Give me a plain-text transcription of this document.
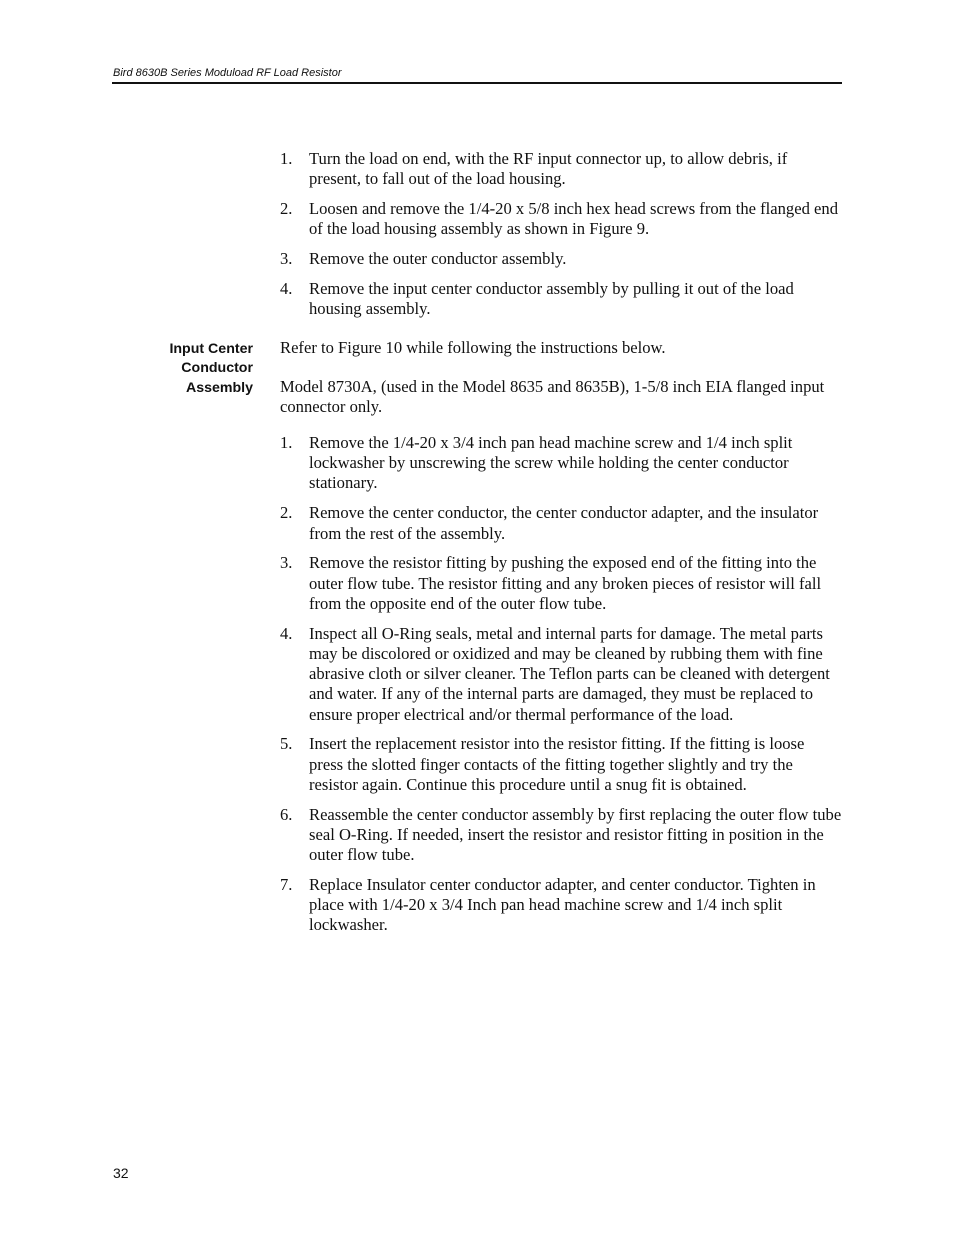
Bird 8630B Series Moduload RF Load Resistor
1. Turn the load on end, with the RF input connector up, to allow debris, if present, to fall out of the load housing.
2. Loosen and remove the 1/4-20 x 5/8 inch hex head screws from the flanged end of the load housing assembly as shown in Figure 9.
3. Remove the outer conductor assembly.
4. Remove the input center conductor assembly by pulling it out of the load housing assembly.
Input Center
Conductor
Assembly

Refer to Figure 10 while following the instructions below.

Model 8730A, (used in the Model 8635 and 8635B), 1-5/8 inch EIA flanged input connector only.

1. Remove the 1/4-20 x 3/4 inch pan head machine screw and 1/4 inch split lockwasher by unscrewing the screw while holding the center conductor stationary.
2. Remove the center conductor, the center conductor adapter, and the insulator from the rest of the assembly.
3. Remove the resistor fitting by pushing the exposed end of the fitting into the outer flow tube. The resistor fitting and any broken pieces of resistor will fall from the opposite end of the outer flow tube.
4. Inspect all O-Ring seals, metal and internal parts for damage. The metal parts may be discolored or oxidized and may be cleaned by rubbing them with fine abrasive cloth or silver cleaner. The Teflon parts can be cleaned with detergent and water. If any of the internal parts are damaged, they must be replaced to ensure proper electrical and/or thermal performance of the load.
5. Insert the replacement resistor into the resistor fitting. If the fitting is loose press the slotted finger contacts of the fitting together slightly and try the resistor again. Continue this procedure until a snug fit is obtained.
6. Reassemble the center conductor assembly by first replacing the outer flow tube seal O-Ring. If needed, insert the resistor and resistor fitting in position in the outer flow tube.
7. Replace Insulator center conductor adapter, and center conductor. Tighten in place with 1/4-20 x 3/4 Inch pan head machine screw and 1/4 inch split lockwasher.
32
